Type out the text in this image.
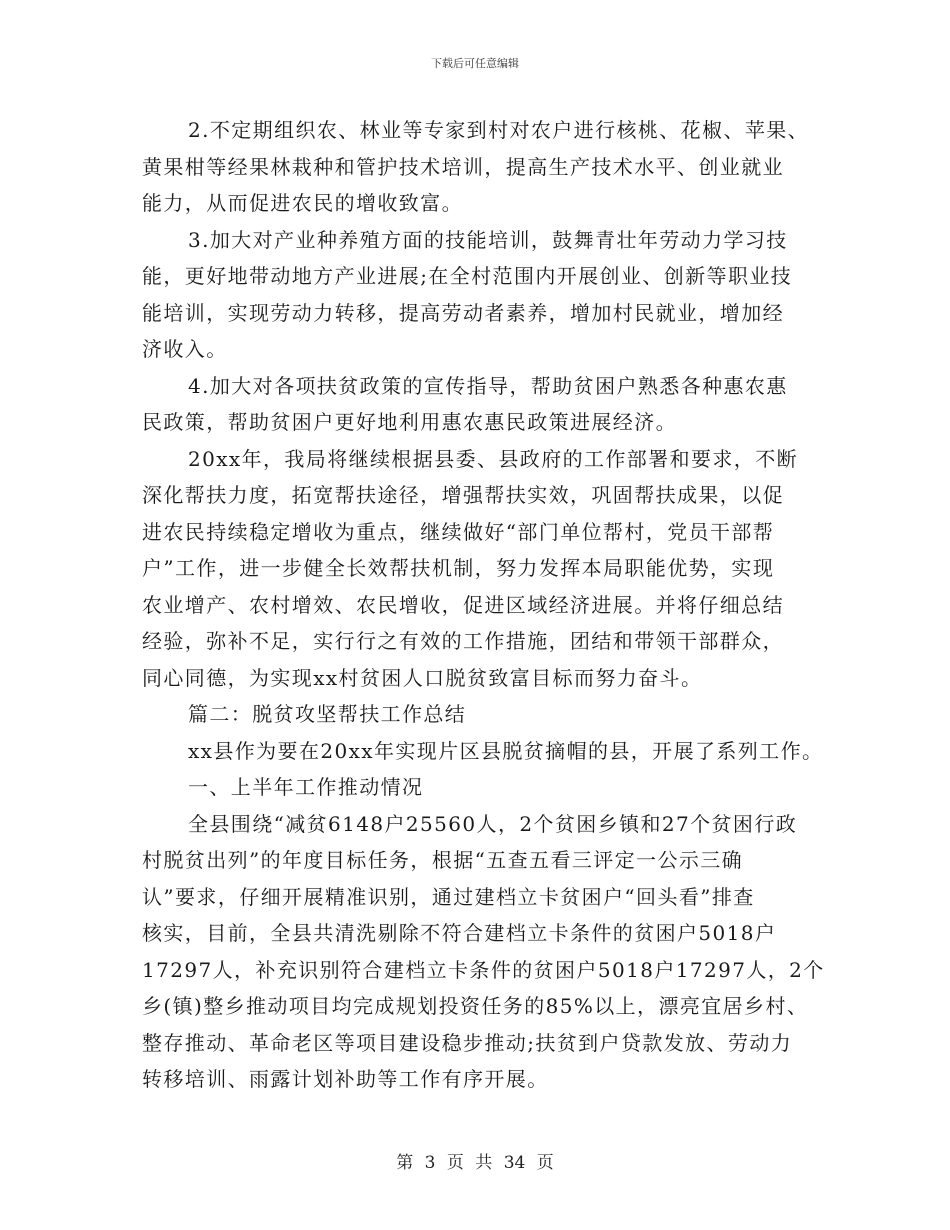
下载后可任意编辑
2.不定期组织农、林业等专家到村对农户进行核桃、花椒、苹果、
黄果柑等经果林栽种和管护技术培训，提高生产技术水平、创业就业
能力，从而促进农民的增收致富。
3.加大对产业种养殖方面的技能培训，鼓舞青壮年劳动力学习技
能，更好地带动地方产业进展;在全村范围内开展创业、创新等职业技
能培训，实现劳动力转移，提高劳动者素养，增加村民就业，增加经
济收入。
4.加大对各项扶贫政策的宣传指导，帮助贫困户熟悉各种惠农惠
民政策，帮助贫困户更好地利用惠农惠民政策进展经济。
20xx年，我局将继续根据县委、县政府的工作部署和要求，不断
深化帮扶力度，拓宽帮扶途径，增强帮扶实效，巩固帮扶成果，以促
进农民持续稳定增收为重点，继续做好“部门单位帮村，党员干部帮
户”工作，进一步健全长效帮扶机制，努力发挥本局职能优势，实现
农业增产、农村增效、农民增收，促进区域经济进展。并将仔细总结
经验，弥补不足，实行行之有效的工作措施，团结和带领干部群众，
同心同德，为实现xx村贫困人口脱贫致富目标而努力奋斗。
篇二：脱贫攻坚帮扶工作总结
xx县作为要在20xx年实现片区县脱贫摘帽的县，开展了系列工作。
一、上半年工作推动情况
全县围绕“减贫6148户25560人，2个贫困乡镇和27个贫困行政
村脱贫出列”的年度目标任务，根据“五查五看三评定一公示三确
认”要求，仔细开展精准识别，通过建档立卡贫困户“回头看”排查
核实，目前，全县共清洗剔除不符合建档立卡条件的贫困户5018户
17297人，补充识别符合建档立卡条件的贫困户5018户17297人，2个
乡(镇)整乡推动项目均完成规划投资任务的85%以上，漂亮宜居乡村、
整存推动、革命老区等项目建设稳步推动;扶贫到户贷款发放、劳动力
转移培训、雨露计划补助等工作有序开展。
第 3 页 共 34 页
